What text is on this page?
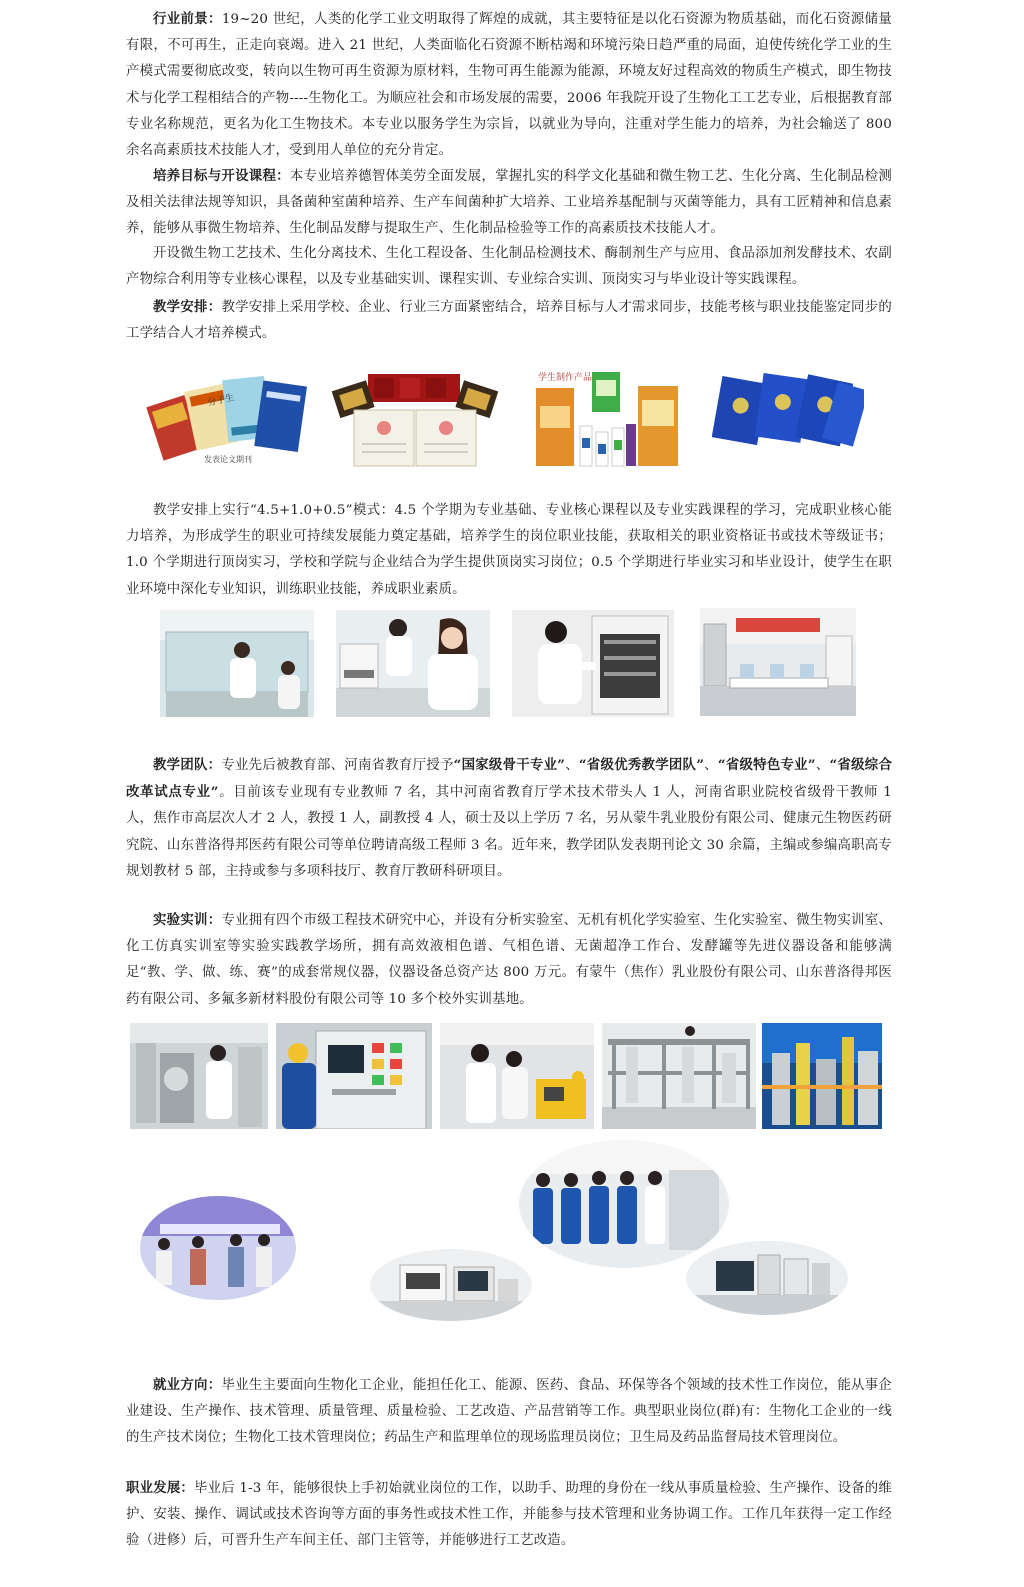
行业前景：19~20 世纪，人类的化学工业文明取得了辉煌的成就，其主要特征是以化石资源为物质基础，而化石资源储量有限，不可再生，正走向衰竭。进入 21 世纪，人类面临化石资源不断枯竭和环境污染日趋严重的局面，迫使传统化学工业的生产模式需要彻底改变，转向以生物可再生资源为原材料，生物可再生能源为能源，环境友好过程高效的物质生产模式，即生物技术与化学工程相结合的产物----生物化工。为顺应社会和市场发展的需要，2006 年我院开设了生物化工工艺专业，后根据教育部专业名称规范，更名为化工生物技术。本专业以服务学生为宗旨，以就业为导向，注重对学生能力的培养，为社会输送了 800 余名高素质技术技能人才，受到用人单位的充分肯定。

培养目标与开设课程：本专业培养德智体美劳全面发展，掌握扎实的科学文化基础和微生物工艺、生化分离、生化制品检测及相关法律法规等知识，具备菌种室菌种培养、生产车间菌种扩大培养、工业培养基配制与灭菌等能力，具有工匠精神和信息素养，能够从事微生物培养、生化制品发酵与提取生产、生化制品检验等工作的高素质技术技能人才。

开设微生物工艺技术、生化分离技术、生化工程设备、生化制品检测技术、酶制剂生产与应用、食品添加剂发酵技术、农副产物综合利用等专业核心课程，以及专业基础实训、课程实训、专业综合实训、顶岗实习与毕业设计等实践课程。

教学安排：教学安排上采用学校、企业、行业三方面紧密结合，培养目标与人才需求同步，技能考核与职业技能鉴定同步的工学结合人才培养模式。

分子生
发表论文期刊
学生制作产品

教学安排上实行“4.5+1.0+0.5”模式：4.5 个学期为专业基础、专业核心课程以及专业实践课程的学习，完成职业核心能力培养，为形成学生的职业可持续发展能力奠定基础，培养学生的岗位职业技能，获取相关的职业资格证书或技术等级证书；1.0 个学期进行顶岗实习，学校和学院与企业结合为学生提供顶岗实习岗位；0.5 个学期进行毕业实习和毕业设计，使学生在职业环境中深化专业知识，训练职业技能，养成职业素质。

教学团队：专业先后被教育部、河南省教育厅授予“国家级骨干专业”、“省级优秀教学团队”、“省级特色专业”、“省级综合改革试点专业”。目前该专业现有专业教师 7 名，其中河南省教育厅学术技术带头人 1 人，河南省职业院校省级骨干教师 1 人，焦作市高层次人才 2 人，教授 1 人，副教授 4 人，硕士及以上学历 7 名，另从蒙牛乳业股份有限公司、健康元生物医药研究院、山东普洛得邦医药有限公司等单位聘请高级工程师 3 名。近年来，教学团队发表期刊论文 30 余篇，主编或参编高职高专规划教材 5 部，主持或参与多项科技厅、教育厅教研科研项目。

实验实训：专业拥有四个市级工程技术研究中心，并设有分析实验室、无机有机化学实验室、生化实验室、微生物实训室、化工仿真实训室等实验实践教学场所，拥有高效液相色谱、气相色谱、无菌超净工作台、发酵罐等先进仪器设备和能够满足“教、学、做、练、赛”的成套常规仪器，仪器设备总资产达 800 万元。有蒙牛（焦作）乳业股份有限公司、山东普洛得邦医药有限公司、多氟多新材料股份有限公司等 10 多个校外实训基地。

就业方向：毕业生主要面向生物化工企业，能担任化工、能源、医药、食品、环保等各个领域的技术性工作岗位，能从事企业建设、生产操作、技术管理、质量管理、质量检验、工艺改造、产品营销等工作。典型职业岗位(群)有：生物化工企业的一线的生产技术岗位；生物化工技术管理岗位；药品生产和监理单位的现场监理员岗位；卫生局及药品监督局技术管理岗位。

职业发展：毕业后 1-3 年，能够很快上手初始就业岗位的工作，以助手、助理的身份在一线从事质量检验、生产操作、设备的维护、安装、操作、调试或技术咨询等方面的事务性或技术性工作，并能参与技术管理和业务协调工作。工作几年获得一定工作经验（进修）后，可晋升生产车间主任、部门主管等，并能够进行工艺改造。
